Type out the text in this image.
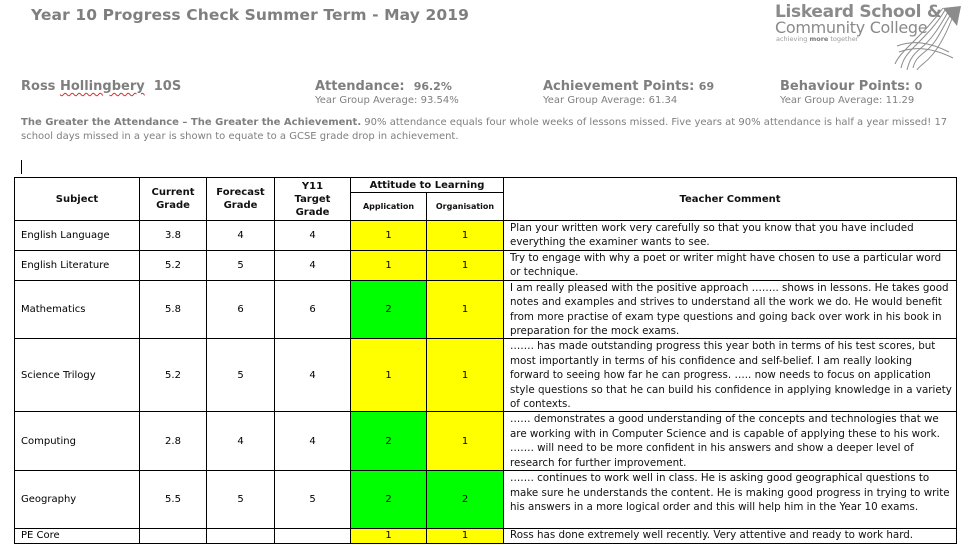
Year 10 Progress Check Summer Term - May 2019	Liskeard School &
Community College
achieving more together
Ross Hollingbery 10S	Attendance: 96.2%
Year Group Average: 93.54%
Achievement Points: 69
Year Group Average: 61.34
Behaviour Points: 0
Year Group Average: 11.29
The Greater the Attendance – The Greater the Achievement. 90% attendance equals four whole weeks of lessons missed. Five years at 90% attendance is half a year missed! 17 school days missed in a year is shown to equate to a GCSE grade drop in achievement.
Subject	Current Grade	Forecast Grade	Y11 Target Grade	Attitude to Learning		Teacher Comment
				Application	Organisation	
English Language	3.8	4	4	1	1	Plan your written work very carefully so that you know that you have included everything the examiner wants to see.
English Literature	5.2	5	4	1	1	Try to engage with why a poet or writer might have chosen to use a particular word or technique.
Mathematics	5.8	6	6	2	1	I am really pleased with the positive approach …….. shows in lessons. He takes good notes and examples and strives to understand all the work we do. He would benefit from more practise of exam type questions and going back over work in his book in preparation for the mock exams.
Science Trilogy	5.2	5	4	1	1	……. has made outstanding progress this year both in terms of his test scores, but most importantly in terms of his confidence and self-belief. I am really looking forward to seeing how far he can progress. ….. now needs to focus on application style questions so that he can build his confidence in applying knowledge in a variety of contexts.
Computing	2.8	4	4	2	1	…… demonstrates a good understanding of the concepts and technologies that we are working with in Computer Science and is capable of applying these to his work. ……. will need to be more confident in his answers and show a deeper level of research for further improvement.
Geography	5.5	5	5	2	2	……. continues to work well in class. He is asking good geographical questions to make sure he understands the content. He is making good progress in trying to write his answers in a more logical order and this will help him in the Year 10 exams.
PE Core				1	1	Ross has done extremely well recently. Very attentive and ready to work hard.
